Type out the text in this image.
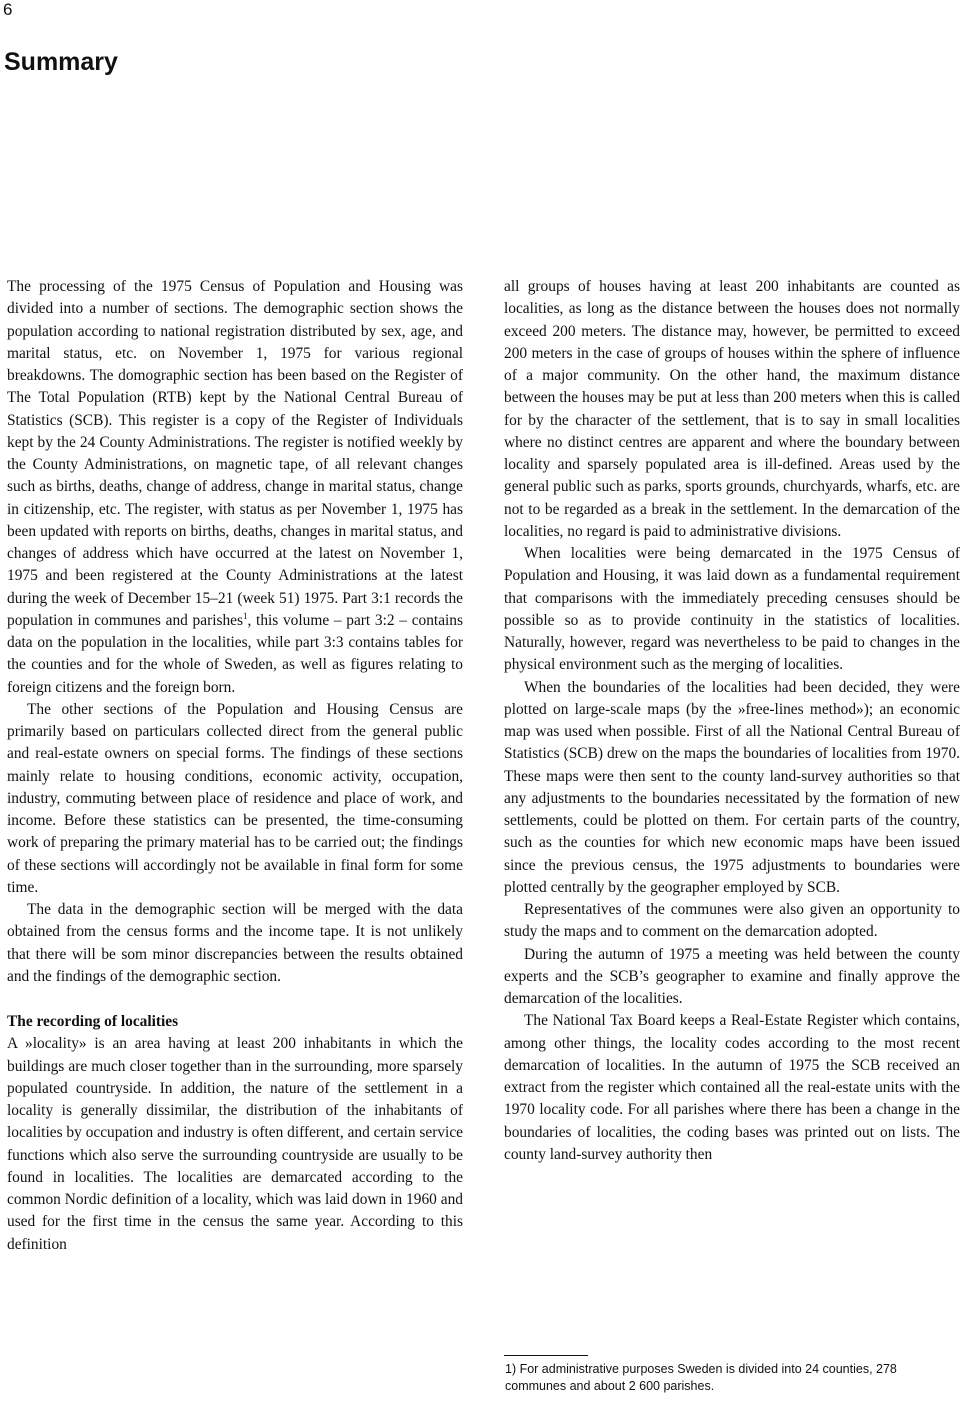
6
Summary

The processing of the 1975 Census of Population and Housing was divided into a number of sections. The demographic section shows the population according to national registration distributed by sex, age, and marital status, etc. on November 1, 1975 for various regional breakdowns. The domographic section has been based on the Register of The Total Population (RTB) kept by the National Central Bureau of Statistics (SCB). This register is a copy of the Register of Individuals kept by the 24 County Administrations. The register is notified weekly by the County Administrations, on magnetic tape, of all relevant changes such as births, deaths, change of address, change in marital status, change in citizenship, etc. The register, with status as per November 1, 1975 has been updated with reports on births, deaths, changes in marital status, and changes of address which have occurred at the latest on November 1, 1975 and been registered at the County Administrations at the latest during the week of December 15–21 (week 51) 1975. Part 3:1 records the population in communes and parishes$^1$, this volume – part 3:2 – contains data on the population in the localities, while part 3:3 contains tables for the counties and for the whole of Sweden, as well as figures relating to foreign citizens and the foreign born.

The other sections of the Population and Housing Census are primarily based on particulars collected direct from the general public and real-estate owners on special forms. The findings of these sections mainly relate to housing conditions, economic activity, occupation, industry, commuting between place of residence and place of work, and income. Before these statistics can be presented, the time-consuming work of preparing the primary material has to be carried out; the findings of these sections will accordingly not be available in final form for some time.

The data in the demographic section will be merged with the data obtained from the census forms and the income tape. It is not unlikely that there will be som minor discrepancies between the results obtained and the findings of the demographic section.

The recording of localities

A »locality» is an area having at least 200 inhabitants in which the buildings are much closer together than in the surrounding, more sparsely populated countryside. In addition, the nature of the settlement in a locality is generally dissimilar, the distribution of the inhabitants of localities by occupation and industry is often different, and certain service functions which also serve the surrounding countryside are usually to be found in localities. The localities are demarcated according to the common Nordic definition of a locality, which was laid down in 1960 and used for the first time in the census the same year. According to this definition

all groups of houses having at least 200 inhabitants are counted as localities, as long as the distance between the houses does not normally exceed 200 meters. The distance may, however, be permitted to exceed 200 meters in the case of groups of houses within the sphere of influence of a major community. On the other hand, the maximum distance between the houses may be put at less than 200 meters when this is called for by the character of the settlement, that is to say in small localities where no distinct centres are apparent and where the boundary between locality and sparsely populated area is ill-defined. Areas used by the general public such as parks, sports grounds, churchyards, wharfs, etc. are not to be regarded as a break in the settlement. In the demarcation of the localities, no regard is paid to administrative divisions.

When localities were being demarcated in the 1975 Census of Population and Housing, it was laid down as a fundamental requirement that comparisons with the immediately preceding censuses should be possible so as to provide continuity in the statistics of localities. Naturally, however, regard was nevertheless to be paid to changes in the physical environment such as the merging of localities.

When the boundaries of the localities had been decided, they were plotted on large-scale maps (by the »free-lines method»); an economic map was used when possible. First of all the National Central Bureau of Statistics (SCB) drew on the maps the boundaries of localities from 1970. These maps were then sent to the county land-survey authorities so that any adjustments to the boundaries necessitated by the formation of new settlements, could be plotted on them. For certain parts of the country, such as the counties for which new economic maps have been issued since the previous census, the 1975 adjustments to boundaries were plotted centrally by the geographer employed by SCB.

Representatives of the communes were also given an opportunity to study the maps and to comment on the demarcation adopted.

During the autumn of 1975 a meeting was held between the county experts and the SCB’s geographer to examine and finally approve the demarcation of the localities.

The National Tax Board keeps a Real-Estate Register which contains, among other things, the locality codes according to the most recent demarcation of localities. In the autumn of 1975 the SCB received an extract from the register which contained all the real-estate units with the 1970 locality code. For all parishes where there has been a change in the boundaries of localities, the coding bases was printed out on lists. The county land-survey authority then

1) For administrative purposes Sweden is divided into 24 counties, 278 communes and about 2 600 parishes.
